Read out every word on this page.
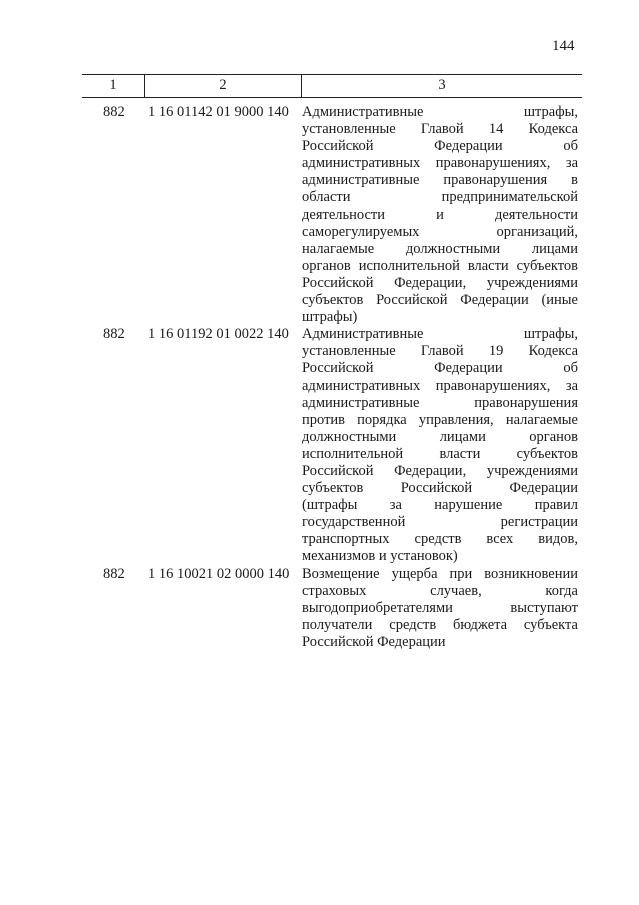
144
1	2	3
882	1 16 01142 01 9000 140 Административные штрафы,
установленные Главой 14 Кодекса
Российской Федерации об
административных правонарушениях, за
административные правонарушения в
области предпринимательской
деятельности и деятельности
саморегулируемых организаций,
налагаемые должностными лицами
органов исполнительной власти субъектов
Российской Федерации, учреждениями
субъектов Российской Федерации (иные
штрафы)
882	1 16 01192 01 0022 140 Административные штрафы,
установленные Главой 19 Кодекса
Российской Федерации об
административных правонарушениях, за
административные правонарушения
против порядка управления, налагаемые
должностными лицами органов
исполнительной власти субъектов
Российской Федерации, учреждениями
субъектов Российской Федерации
(штрафы за нарушение правил
государственной регистрации
транспортных средств всех видов,
механизмов и установок)
882	1 16 10021 02 0000 140 Возмещение ущерба при возникновении
страховых случаев, когда
выгодоприобретателями выступают
получатели средств бюджета субъекта
Российской Федерации
